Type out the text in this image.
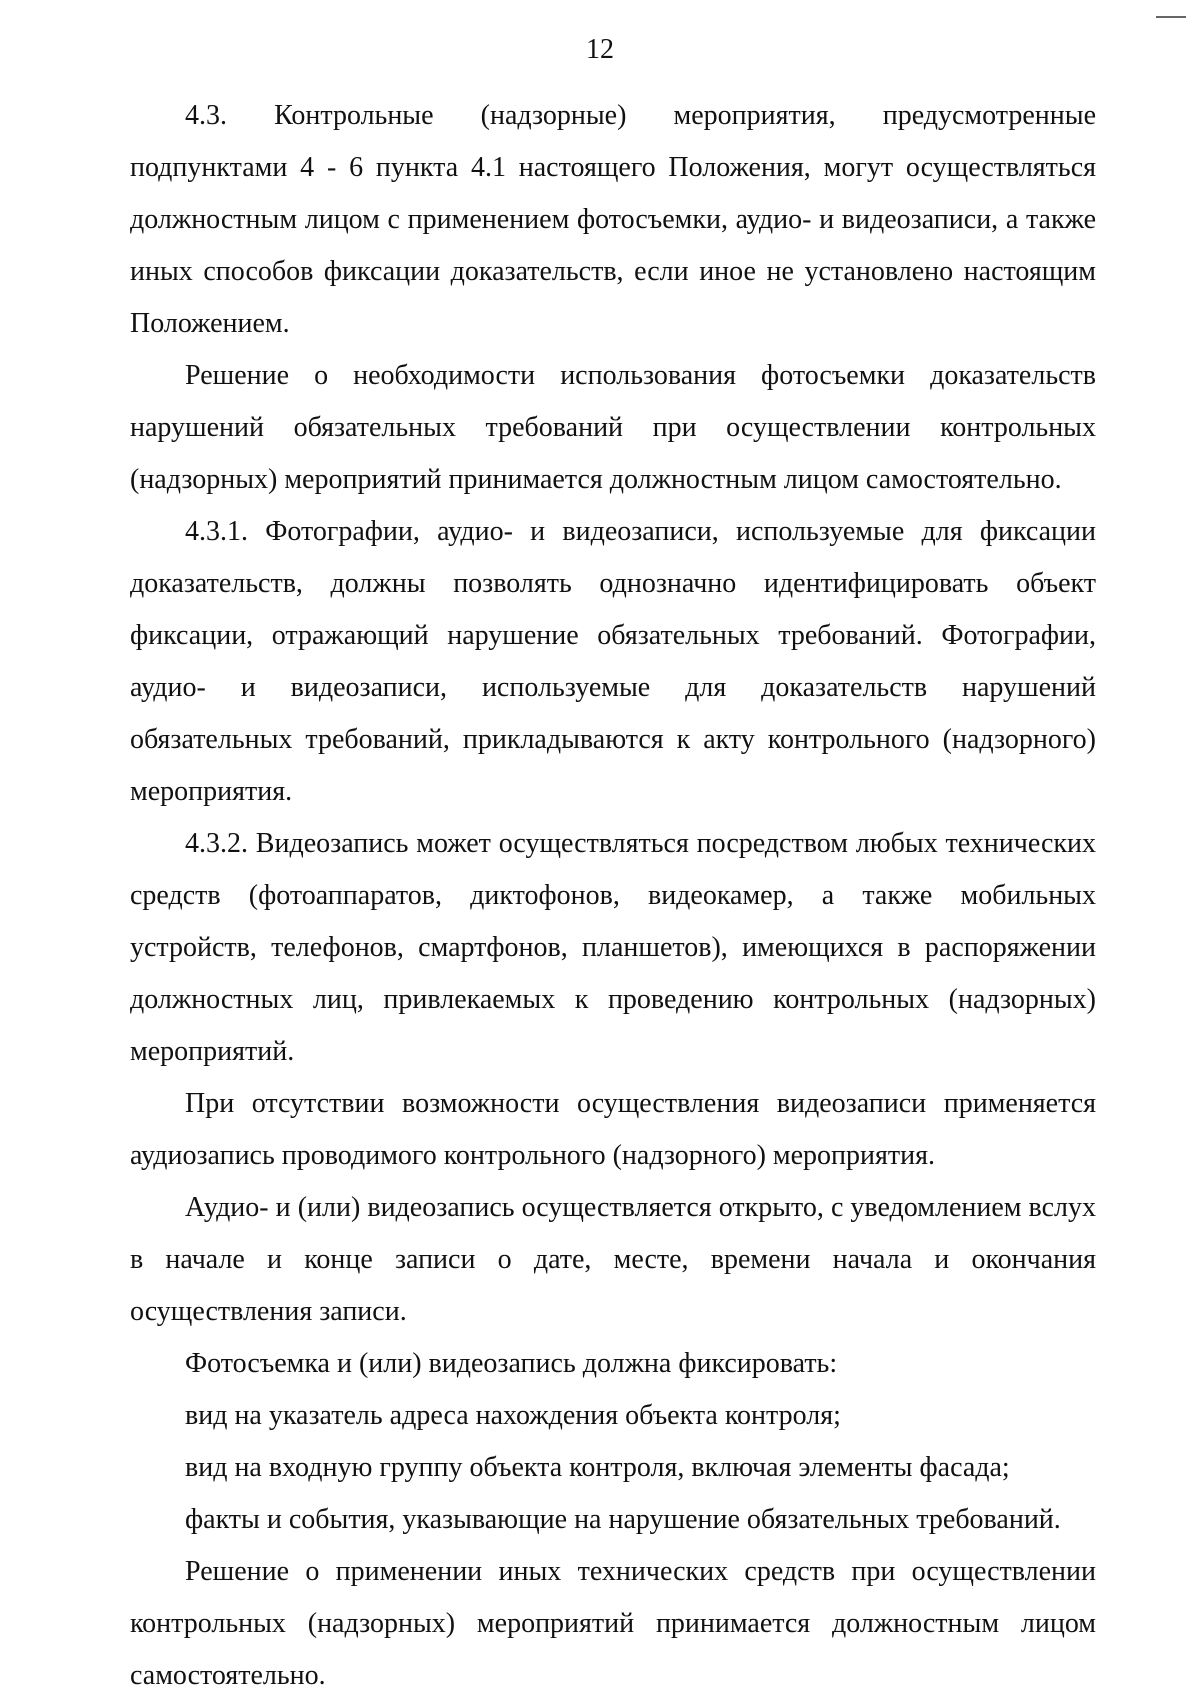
12

4.3. Контрольные (надзорные) мероприятия, предусмотренные подпунктами 4 - 6 пункта 4.1 настоящего Положения, могут осуществляться должностным лицом с применением фотосъемки, аудио- и видеозаписи, а также иных способов фиксации доказательств, если иное не установлено настоящим Положением.

Решение о необходимости использования фотосъемки доказательств нарушений обязательных требований при осуществлении контрольных (надзорных) мероприятий принимается должностным лицом самостоятельно.

4.3.1. Фотографии, аудио- и видеозаписи, используемые для фиксации доказательств, должны позволять однозначно идентифицировать объект фиксации, отражающий нарушение обязательных требований. Фотографии, аудио- и видеозаписи, используемые для доказательств нарушений обязательных требований, прикладываются к акту контрольного (надзорного) мероприятия.

4.3.2. Видеозапись может осуществляться посредством любых технических средств (фотоаппаратов, диктофонов, видеокамер, а также мобильных устройств, телефонов, смартфонов, планшетов), имеющихся в распоряжении должностных лиц, привлекаемых к проведению контрольных (надзорных) мероприятий.

При отсутствии возможности осуществления видеозаписи применяется аудиозапись проводимого контрольного (надзорного) мероприятия.

Аудио- и (или) видеозапись осуществляется открыто, с уведомлением вслух в начале и конце записи о дате, месте, времени начала и окончания осуществления записи.

Фотосъемка и (или) видеозапись должна фиксировать:

вид на указатель адреса нахождения объекта контроля;

вид на входную группу объекта контроля, включая элементы фасада;

факты и события, указывающие на нарушение обязательных требований.

Решение о применении иных технических средств при осуществлении контрольных (надзорных) мероприятий принимается должностным лицом самостоятельно.
